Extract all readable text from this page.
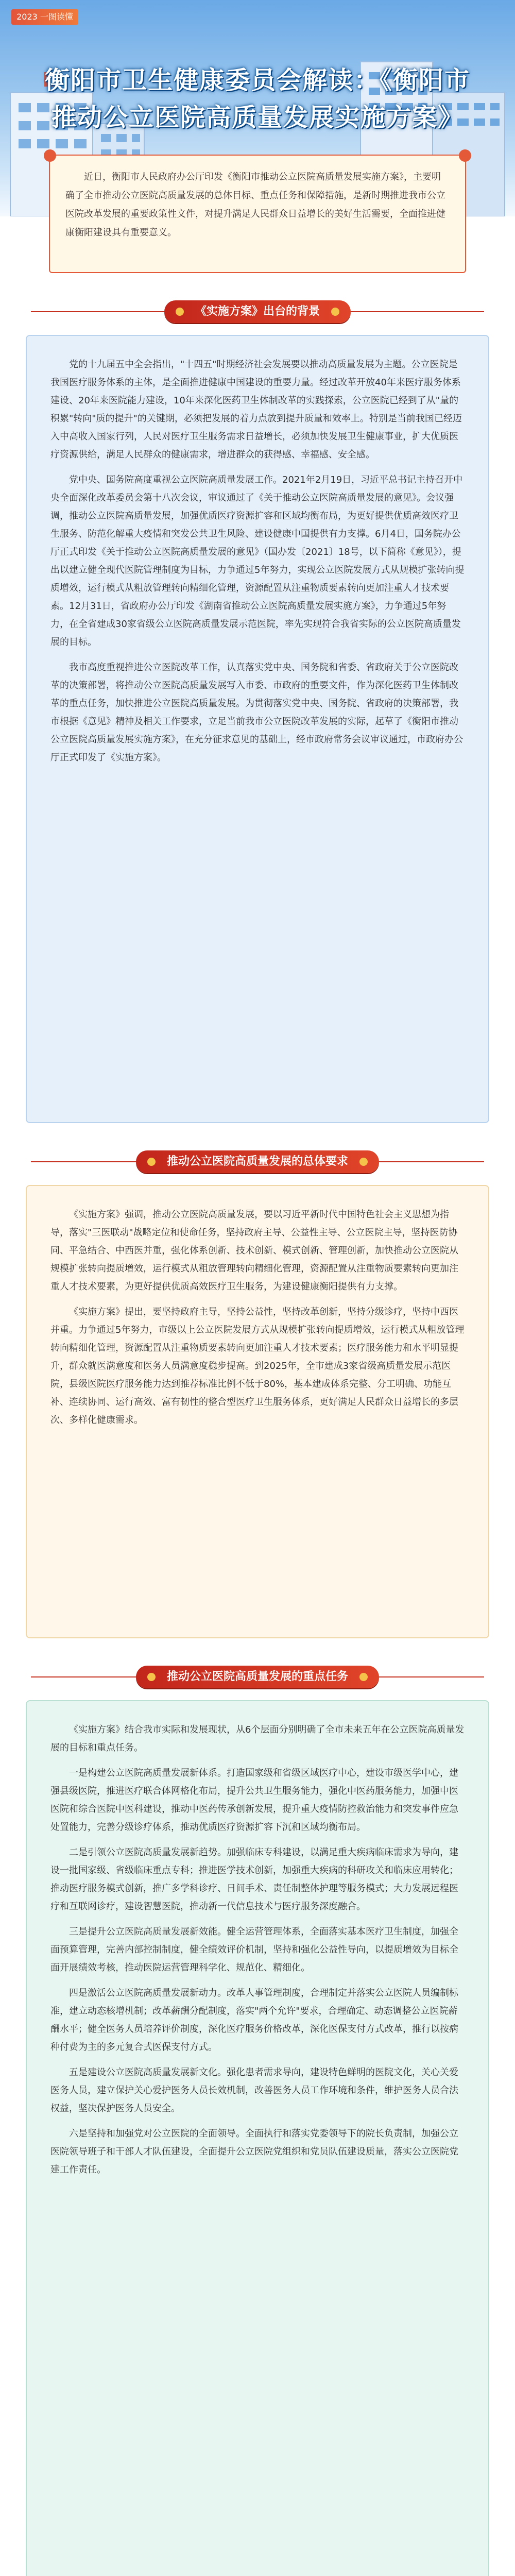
2023 一图读懂
衡阳市卫生健康委员会解读：《衡阳市
推动公立医院高质量发展实施方案》
近日，衡阳市人民政府办公厅印发《衡阳市推动公立医院高质量发展实施方案》，主要明确了全市推动公立医院高质量发展的总体目标、重点任务和保障措施，是新时期推进我市公立医院改革发展的重要政策性文件，对提升满足人民群众日益增长的美好生活需要，全面推进健康衡阳建设具有重要意义。
《实施方案》出台的背景

党的十九届五中全会指出，"十四五"时期经济社会发展要以推动高质量发展为主题。公立医院是我国医疗服务体系的主体，是全面推进健康中国建设的重要力量。经过改革开放40年来医疗服务体系建设、20年来医院能力建设，10年来深化医药卫生体制改革的实践探索，公立医院已经到了从"量的积累"转向"质的提升"的关键期，必须把发展的着力点放到提升质量和效率上。特别是当前我国已经迈入中高收入国家行列，人民对医疗卫生服务需求日益增长，必须加快发展卫生健康事业，扩大优质医疗资源供给，满足人民群众的健康需求，增进群众的获得感、幸福感、安全感。

党中央、国务院高度重视公立医院高质量发展工作。2021年2月19日，习近平总书记主持召开中央全面深化改革委员会第十八次会议，审议通过了《关于推动公立医院高质量发展的意见》。会议强调，推动公立医院高质量发展，加强优质医疗资源扩容和区域均衡布局，为更好提供优质高效医疗卫生服务、防范化解重大疫情和突发公共卫生风险、建设健康中国提供有力支撑。6月4日，国务院办公厅正式印发《关于推动公立医院高质量发展的意见》（国办发〔2021〕18号，以下简称《意见》），提出以建立健全现代医院管理制度为目标，力争通过5年努力，实现公立医院发展方式从规模扩张转向提质增效，运行模式从粗放管理转向精细化管理，资源配置从注重物质要素转向更加注重人才技术要素。12月31日，省政府办公厅印发《湖南省推动公立医院高质量发展实施方案》，力争通过5年努力，在全省建成30家省级公立医院高质量发展示范医院，率先实现符合我省实际的公立医院高质量发展的目标。

我市高度重视推进公立医院改革工作，认真落实党中央、国务院和省委、省政府关于公立医院改革的决策部署，将推动公立医院高质量发展写入市委、市政府的重要文件，作为深化医药卫生体制改革的重点任务，加快推进公立医院高质量发展。为贯彻落实党中央、国务院、省政府的决策部署，我市根据《意见》精神及相关工作要求，立足当前我市公立医院改革发展的实际，起草了《衡阳市推动公立医院高质量发展实施方案》，在充分征求意见的基础上，经市政府常务会议审议通过，市政府办公厅正式印发了《实施方案》。

推动公立医院高质量发展的总体要求

《实施方案》强调，推动公立医院高质量发展，要以习近平新时代中国特色社会主义思想为指导，落实"三医联动"战略定位和使命任务，坚持政府主导、公益性主导、公立医院主导，坚持医防协同、平急结合、中西医并重，强化体系创新、技术创新、模式创新、管理创新，加快推动公立医院从规模扩张转向提质增效，运行模式从粗放管理转向精细化管理，资源配置从注重物质要素转向更加注重人才技术要素，为更好提供优质高效医疗卫生服务，为建设健康衡阳提供有力支撑。

《实施方案》提出，要坚持政府主导，坚持公益性，坚持改革创新，坚持分级诊疗，坚持中西医并重。力争通过5年努力，市级以上公立医院发展方式从规模扩张转向提质增效，运行模式从粗放管理转向精细化管理，资源配置从注重物质要素转向更加注重人才技术要素；医疗服务能力和水平明显提升，群众就医满意度和医务人员满意度稳步提高。到2025年，全市建成3家省级高质量发展示范医院，县级医院医疗服务能力达到推荐标准比例不低于80%，基本建成体系完整、分工明确、功能互补、连续协同、运行高效、富有韧性的整合型医疗卫生服务体系，更好满足人民群众日益增长的多层次、多样化健康需求。

推动公立医院高质量发展的重点任务

《实施方案》结合我市实际和发展现状，从6个层面分别明确了全市未来五年在公立医院高质量发展的目标和重点任务。

一是构建公立医院高质量发展新体系。打造国家级和省级区域医疗中心，建设市级医学中心，建强县级医院，推进医疗联合体网格化布局，提升公共卫生服务能力，强化中医药服务能力，加强中医医院和综合医院中医科建设，推动中医药传承创新发展，提升重大疫情防控救治能力和突发事件应急处置能力，完善分级诊疗体系，推动优质医疗资源扩容下沉和区域均衡布局。

二是引领公立医院高质量发展新趋势。加强临床专科建设，以满足重大疾病临床需求为导向，建设一批国家级、省级临床重点专科；推进医学技术创新，加强重大疾病的科研攻关和临床应用转化；推动医疗服务模式创新，推广多学科诊疗、日间手术、责任制整体护理等服务模式；大力发展远程医疗和互联网诊疗，建设智慧医院，推动新一代信息技术与医疗服务深度融合。

三是提升公立医院高质量发展新效能。健全运营管理体系，全面落实基本医疗卫生制度，加强全面预算管理，完善内部控制制度，健全绩效评价机制，坚持和强化公益性导向，以提质增效为目标全面开展绩效考核，推动医院运营管理科学化、规范化、精细化。

四是激活公立医院高质量发展新动力。改革人事管理制度，合理制定并落实公立医院人员编制标准，建立动态核增机制；改革薪酬分配制度，落实"两个允许"要求，合理确定、动态调整公立医院薪酬水平；健全医务人员培养评价制度，深化医疗服务价格改革，深化医保支付方式改革，推行以按病种付费为主的多元复合式医保支付方式。

五是建设公立医院高质量发展新文化。强化患者需求导向，建设特色鲜明的医院文化，关心关爱医务人员，建立保护关心爱护医务人员长效机制，改善医务人员工作环境和条件，维护医务人员合法权益，坚决保护医务人员安全。

六是坚持和加强党对公立医院的全面领导。全面执行和落实党委领导下的院长负责制，加强公立医院领导班子和干部人才队伍建设，全面提升公立医院党组织和党员队伍建设质量，落实公立医院党建工作责任。
